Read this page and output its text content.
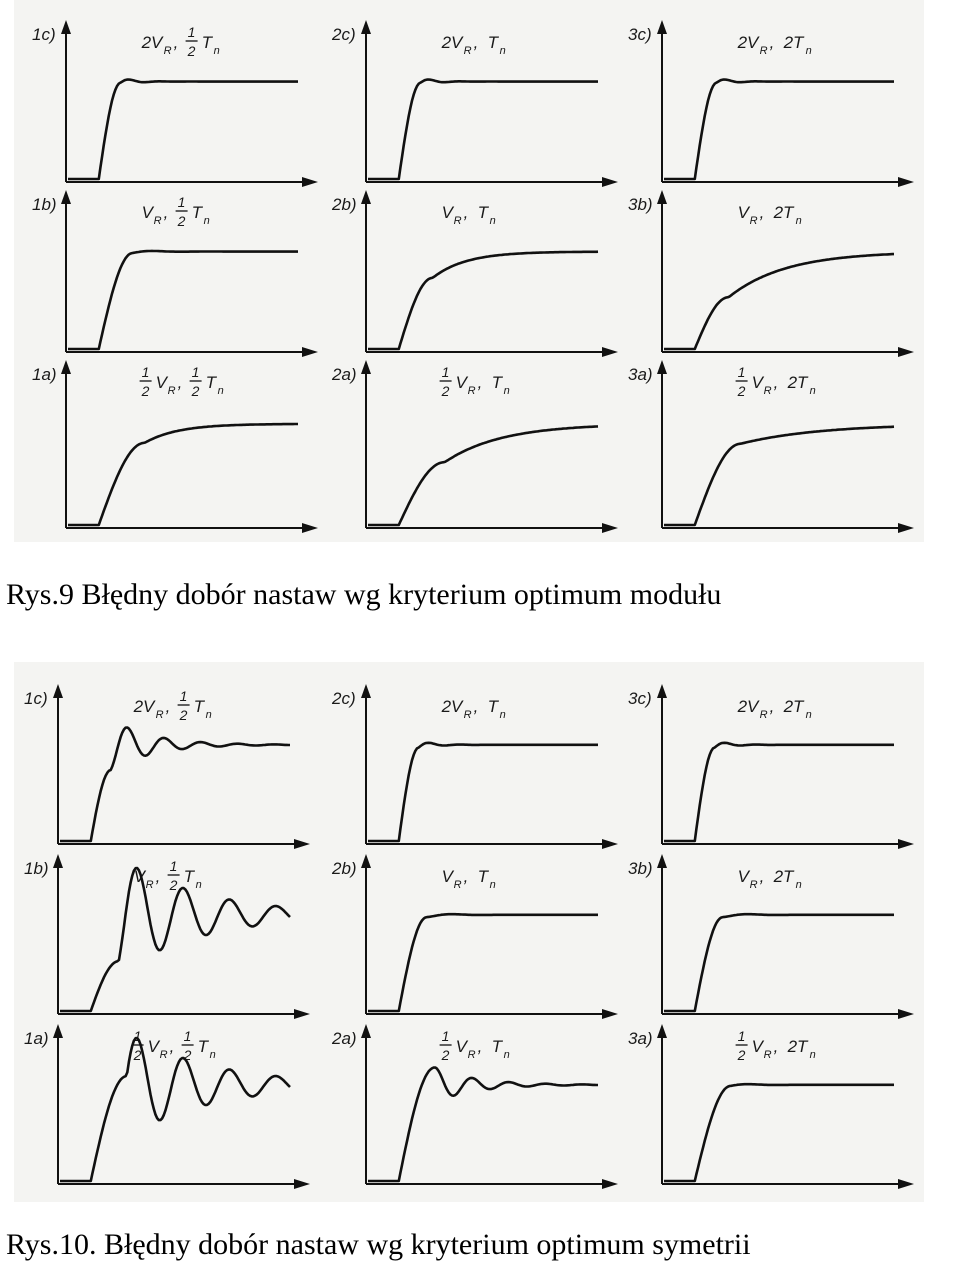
1c)	2V R ,
1
2 T n
2c)	2V R , T n
3c)	2V R , 2T n
1b)	V R ,
1
2 T n
2b)	V R , T n
3b)	V R , 2T n
1a)	1
2 V R ,
1
2 T n
2a)	1
2 V R , T n
3a)	1
2 V R , 2T n
Rys.9 Błędny dobór nastaw wg kryterium optimum modułu
1c)	2V R ,
1
2 T n
2c)	2V R , T n
3c)	2V R , 2T n
1b)	V R ,
1
2 T n
2b)	V R , T n
3b)	V R , 2T n
1a)	1
2 V R ,
1
2 T n
2a)	1
2 V R , T n
3a)	1
2 V R , 2T n
Rys.10. Błędny dobór nastaw wg kryterium optimum symetrii
